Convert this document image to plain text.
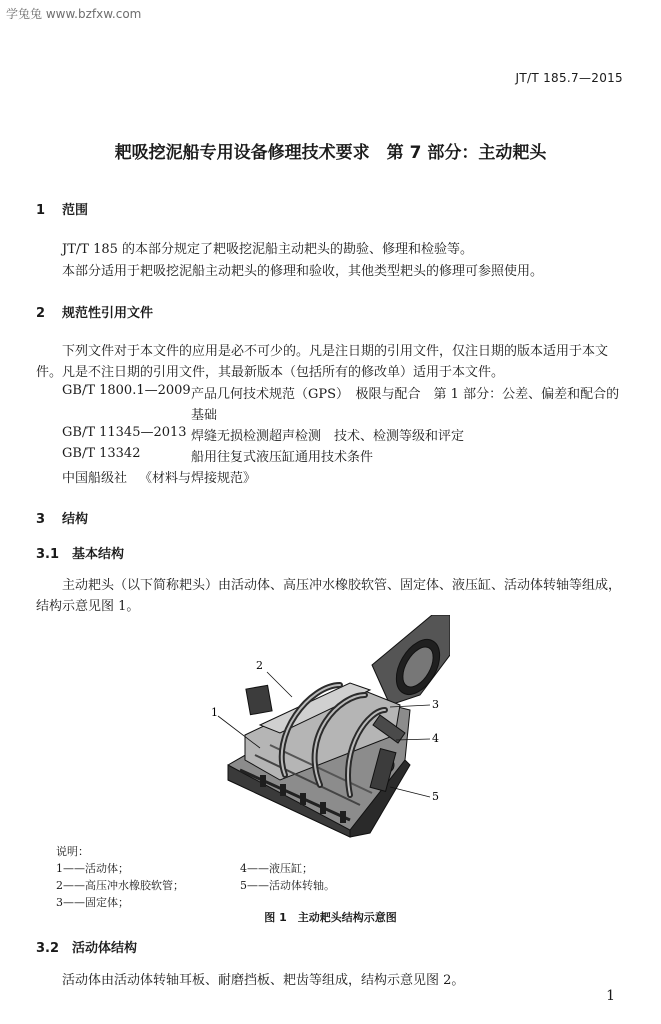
学兔兔 www.bzfxw.com
JT/T 185.7—2015
耙吸挖泥船专用设备修理技术要求　第 7 部分：主动耙头
1 范围
JT/T 185 的本部分规定了耙吸挖泥船主动耙头的勘验、修理和检验等。
本部分适用于耙吸挖泥船主动耙头的修理和验收，其他类型耙头的修理可参照使用。
2 规范性引用文件
下列文件对于本文件的应用是必不可少的。凡是注日期的引用文件，仅注日期的版本适用于本文件。凡是不注日期的引用文件，其最新版本（包括所有的修改单）适用于本文件。
GB/T 1800.1—2009 产品几何技术规范（GPS）　极限与配合　第 1 部分：公差、偏差和配合的
基础
GB/T 11345—2013 焊缝无损检测超声检测　技术、检测等级和评定
GB/T 13342	船用往复式液压缸通用技术条件
中国船级社 《材料与焊接规范》
3 结构
3.1 基本结构
主动耙头（以下简称耙头）由活动体、高压冲水橡胶软管、固定体、液压缸、活动体转轴等组成，结构示意见图 1。
2
1
3
4
5
说明：
1——活动体；
2——高压冲水橡胶软管；
3——固定体；
4——液压缸；
5——活动体转轴。
图 1　主动耙头结构示意图
3.2 活动体结构
活动体由活动体转轴耳板、耐磨挡板、耙齿等组成，结构示意见图 2。
1
